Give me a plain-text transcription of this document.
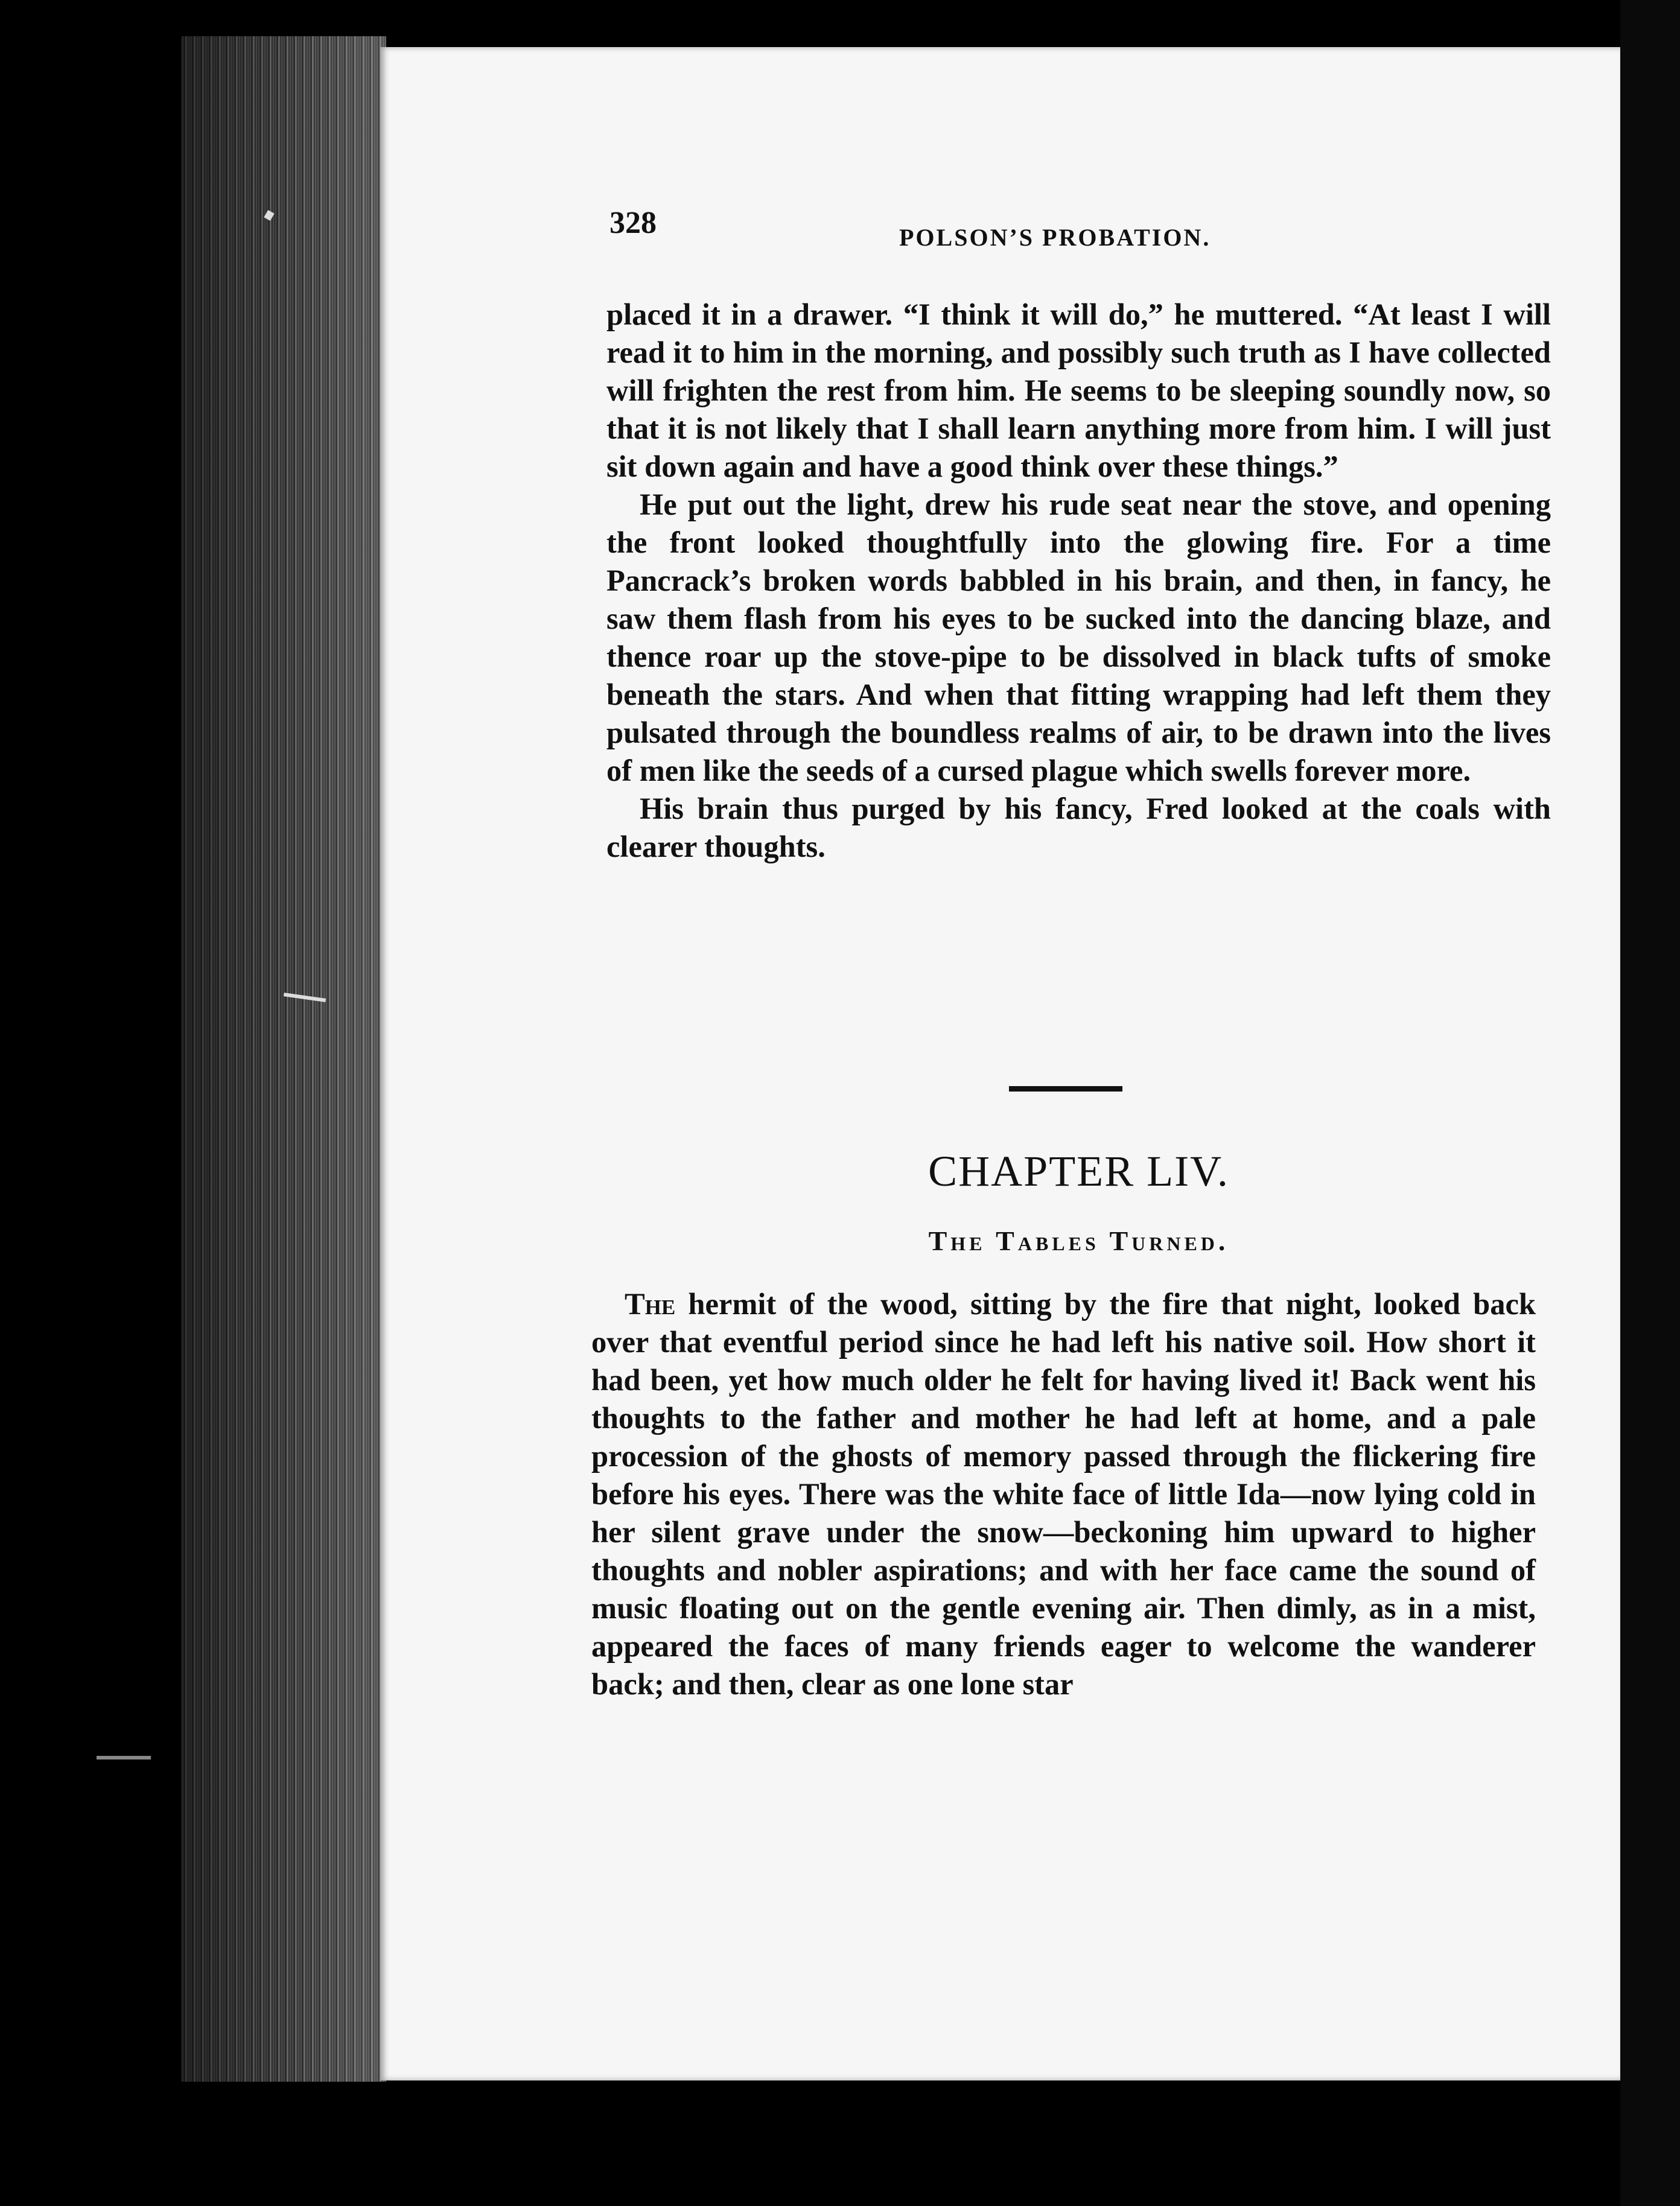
328	POLSON’S PROBATION.

placed it in a drawer. “I think it will do,” he muttered. “At least I will read it to him in the morning, and possibly such truth as I have collected will frighten the rest from him. He seems to be sleeping soundly now, so that it is not likely that I shall learn anything more from him. I will just sit down again and have a good think over these things.”

He put out the light, drew his rude seat near the stove, and opening the front looked thoughtfully into the glowing fire. For a time Pancrack’s broken words babbled in his brain, and then, in fancy, he saw them flash from his eyes to be sucked into the dancing blaze, and thence roar up the stove-pipe to be dissolved in black tufts of smoke beneath the stars. And when that fitting wrapping had left them they pulsated through the boundless realms of air, to be drawn into the lives of men like the seeds of a cursed plague which swells forever more.

His brain thus purged by his fancy, Fred looked at the coals with clearer thoughts.

CHAPTER LIV.
The Tables Turned.

The hermit of the wood, sitting by the fire that night, looked back over that eventful period since he had left his native soil. How short it had been, yet how much older he felt for having lived it! Back went his thoughts to the father and mother he had left at home, and a pale procession of the ghosts of memory passed through the flickering fire before his eyes. There was the white face of little Ida—now lying cold in her silent grave under the snow—beckoning him upward to higher thoughts and nobler aspirations; and with her face came the sound of music floating out on the gentle evening air. Then dimly, as in a mist, appeared the faces of many friends eager to welcome the wanderer back; and then, clear as one lone star
